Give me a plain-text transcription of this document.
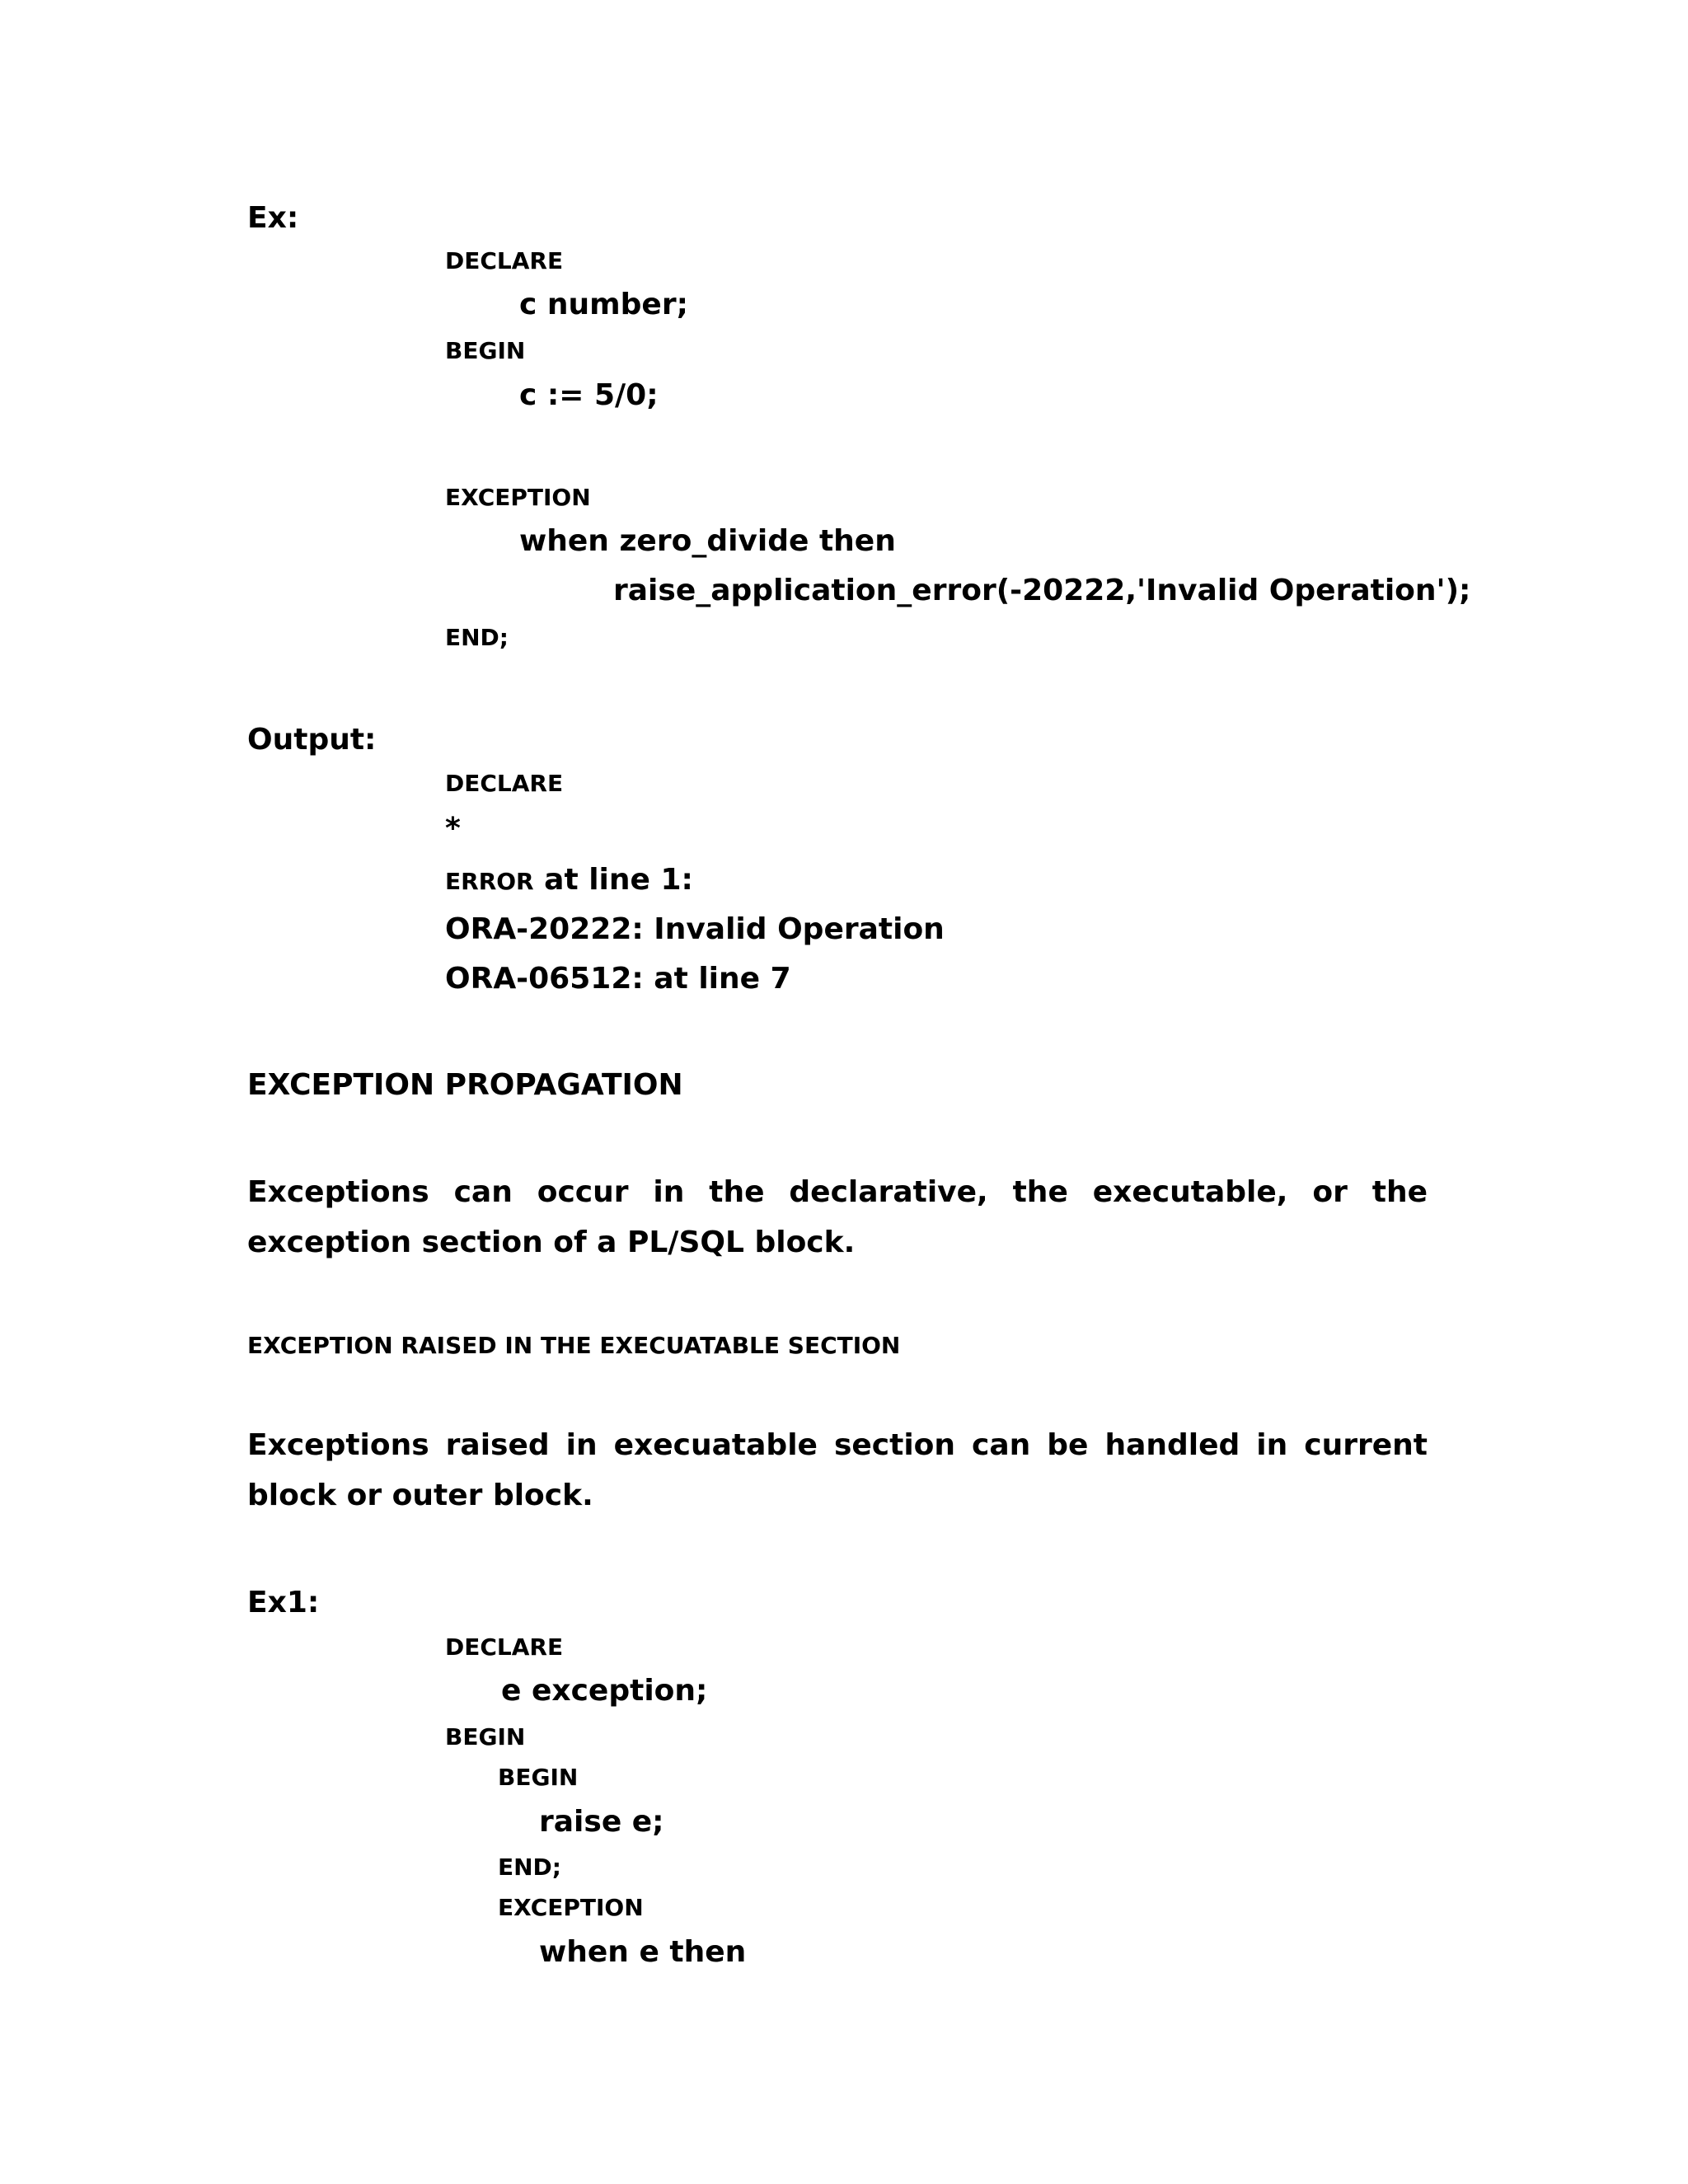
Ex:
DECLARE
c number;
BEGIN
c := 5/0;
EXCEPTION
when zero_divide then
raise_application_error(-20222,'Invalid Operation');
END;
Output:
DECLARE
*
ERROR at line 1:
ORA-20222: Invalid Operation
ORA-06512: at line 7
EXCEPTION PROPAGATION

Exceptions can occur in the declarative, the executable, or the exception section of a PL/SQL block.

EXCEPTION RAISED IN THE EXECUATABLE SECTION

Exceptions raised in execuatable section can be handled in current block or outer block.

Ex1:
DECLARE
e exception;
BEGIN
BEGIN
raise e;
END;
EXCEPTION
when e then
